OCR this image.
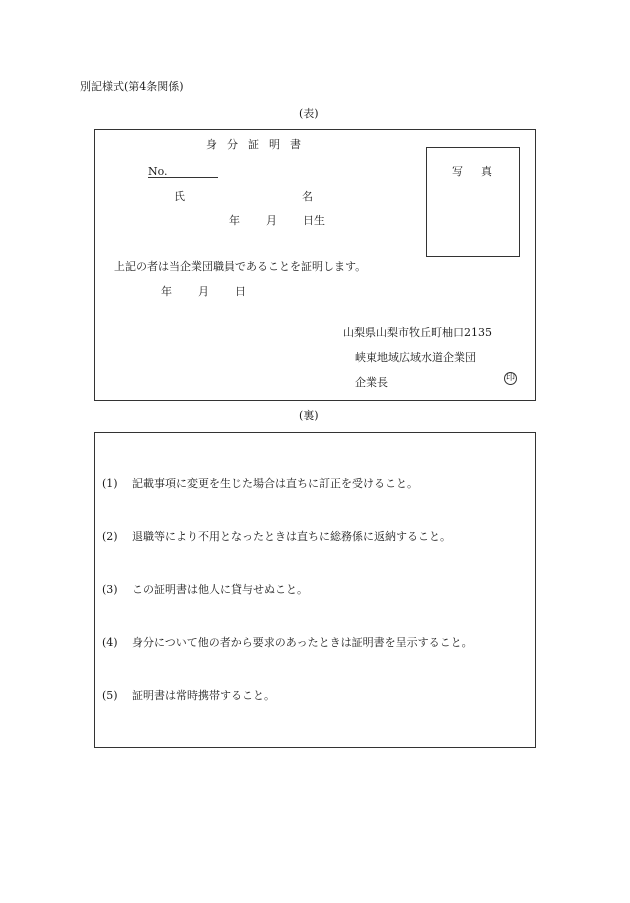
別記様式(第4条関係)
(表)
身分証明書
No.
氏	名
年 月 日生
写真
上記の者は当企業団職員であることを証明します。
年 月 日
山梨県山梨市牧丘町柚口2135
峡東地域広域水道企業団
企業長	印
(裏)
(1) 記載事項に変更を生じた場合は直ちに訂正を受けること。
(2) 退職等により不用となったときは直ちに総務係に返納すること。
(3) この証明書は他人に貸与せぬこと。
(4) 身分について他の者から要求のあったときは証明書を呈示すること。
(5) 証明書は常時携帯すること。
